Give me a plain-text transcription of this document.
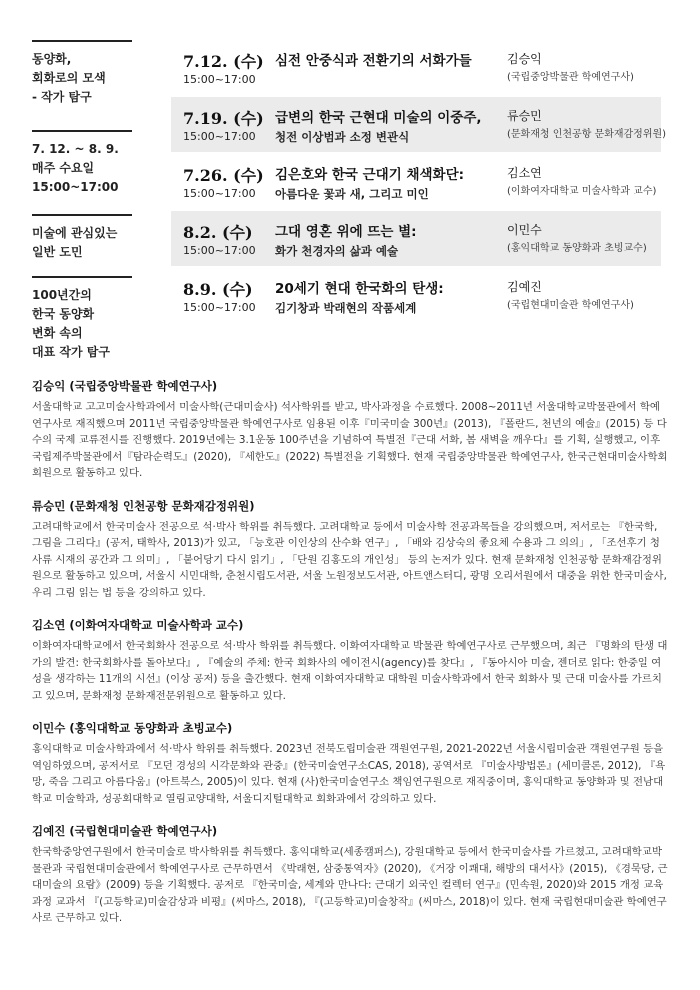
동양화,
회화로의 모색
- 작가 탐구
7. 12. ~ 8. 9.
매주 수요일
15:00~17:00
미술에 관심있는
일반 도민
100년간의
한국 동양화
변화 속의
대표 작가 탐구
7.12. (수)
15:00~17:00
심전 안중식과 전환기의 서화가들	김승익
(국립중앙박물관 학예연구사)
7.19. (수)
15:00~17:00
급변의 한국 근현대 미술의 이중주,
청전 이상범과 소정 변관식
류승민
(문화재청 인천공항 문화재감정위원)
7.26. (수)
15:00~17:00
김은호와 한국 근대기 채색화단:
아름다운 꽃과 새, 그리고 미인
김소연
(이화여자대학교 미술사학과 교수)
8.2. (수)
15:00~17:00
그대 영혼 위에 뜨는 별:
화가 천경자의 삶과 예술
이민수
(홍익대학교 동양화과 초빙교수)
8.9. (수)
15:00~17:00
20세기 현대 한국화의 탄생:
김기창과 박래현의 작품세계
김예진
(국립현대미술관 학예연구사)
김승익 (국립중앙박물관 학예연구사)
서울대학교 고고미술사학과에서 미술사학(근대미술사) 석사학위를 받고, 박사과정을 수료했다. 2008~2011년 서울대학교박물관에서 학예연구사로 재직했으며 2011년 국립중앙박물관 학예연구사로 임용된 이후『미국미술 300년』(2013), 『폴란드, 천년의 예술』(2015) 등 다수의 국제 교류전시를 진행했다. 2019년에는 3.1운동 100주년을 기념하여 특별전『근대 서화, 봄 새벽을 깨우다』를 기획, 실행했고, 이후 국립제주박물관에서『탐라순력도』(2020), 『세한도』(2022) 특별전을 기획했다. 현재 국립중앙박물관 학예연구사, 한국근현대미술사학회 회원으로 활동하고 있다.
류승민 (문화재청 인천공항 문화재감정위원)
고려대학교에서 한국미술사 전공으로 석·박사 학위를 취득했다. 고려대학교 등에서 미술사학 전공과목들을 강의했으며, 저서로는 『한국학, 그림을 그리다』(공저, 태학사, 2013)가 있고, 「능호관 이인상의 산수화 연구」, 「배와 김상숙의 좋요체 수용과 그 의의」, 「조선후기 청사류 시재의 공간과 그 의미」, 「붙어당기 다시 읽기」, 「단원 김홍도의 개인성」 등의 논저가 있다. 현재 문화재청 인천공항 문화재감정위원으로 활동하고 있으며, 서울시 시민대학, 춘천시립도서관, 서울 노원정보도서관, 아트앤스터디, 광명 오리서원에서 대중을 위한 한국미술사, 우리 그림 읽는 법 등을 강의하고 있다.
김소연 (이화여자대학교 미술사학과 교수)
이화여자대학교에서 한국회화사 전공으로 석·박사 학위를 취득했다. 이화여자대학교 박물관 학예연구사로 근무했으며, 최근 『명화의 탄생 대가의 발견: 한국회화사를 돌아보다』, 『예술의 주체: 한국 회화사의 에이전시(agency)를 찾다』, 『동아시아 미술, 젠더로 읽다: 한중일 여성을 생각하는 11개의 시선』(이상 공저) 등을 출간했다. 현재 이화여자대학교 대학원 미술사학과에서 한국 회화사 및 근대 미술사를 가르치고 있으며, 문화재청 문화재전문위원으로 활동하고 있다.
이민수 (홍익대학교 동양화과 초빙교수)
홍익대학교 미술사학과에서 석·박사 학위를 취득했다. 2023년 전북도립미술관 객원연구원, 2021-2022년 서울시립미술관 객원연구원 등을 역임하였으며, 공저서로 『모던 경성의 시각문화와 관중』(한국미술연구소CAS, 2018), 공역서로 『미술사방법론』(세미콜론, 2012), 『욕망, 죽음 그리고 아름다움』(아트북스, 2005)이 있다. 현재 (사)한국미술연구소 책임연구원으로 재직중이며, 홍익대학교 동양화과 및 전남대학교 미술학과, 성공회대학교 열림교양대학, 서울디지털대학교 회화과에서 강의하고 있다.
김예진 (국립현대미술관 학예연구사)
한국학중앙연구원에서 한국미술로 박사학위를 취득했다. 홍익대학교(세종캠퍼스), 강원대학교 등에서 한국미술사를 가르쳤고, 고려대학교박물관과 국립현대미술관에서 학예연구사로 근무하면서 《박래현, 삼중통역자》(2020), 《거장 이쾌대, 해방의 대서사》(2015), 《경묵당, 근대미술의 요람》(2009) 등을 기획했다. 공저로 『한국미술, 세계와 만나다: 근대기 외국인 컬렉터 연구』(민속원, 2020)와 2015 개정 교육과정 교과서 『(고등학교)미술감상과 비평』(씨마스, 2018), 『(고등학교)미술창작』(씨마스, 2018)이 있다. 현재 국립현대미술관 학예연구사로 근무하고 있다.
